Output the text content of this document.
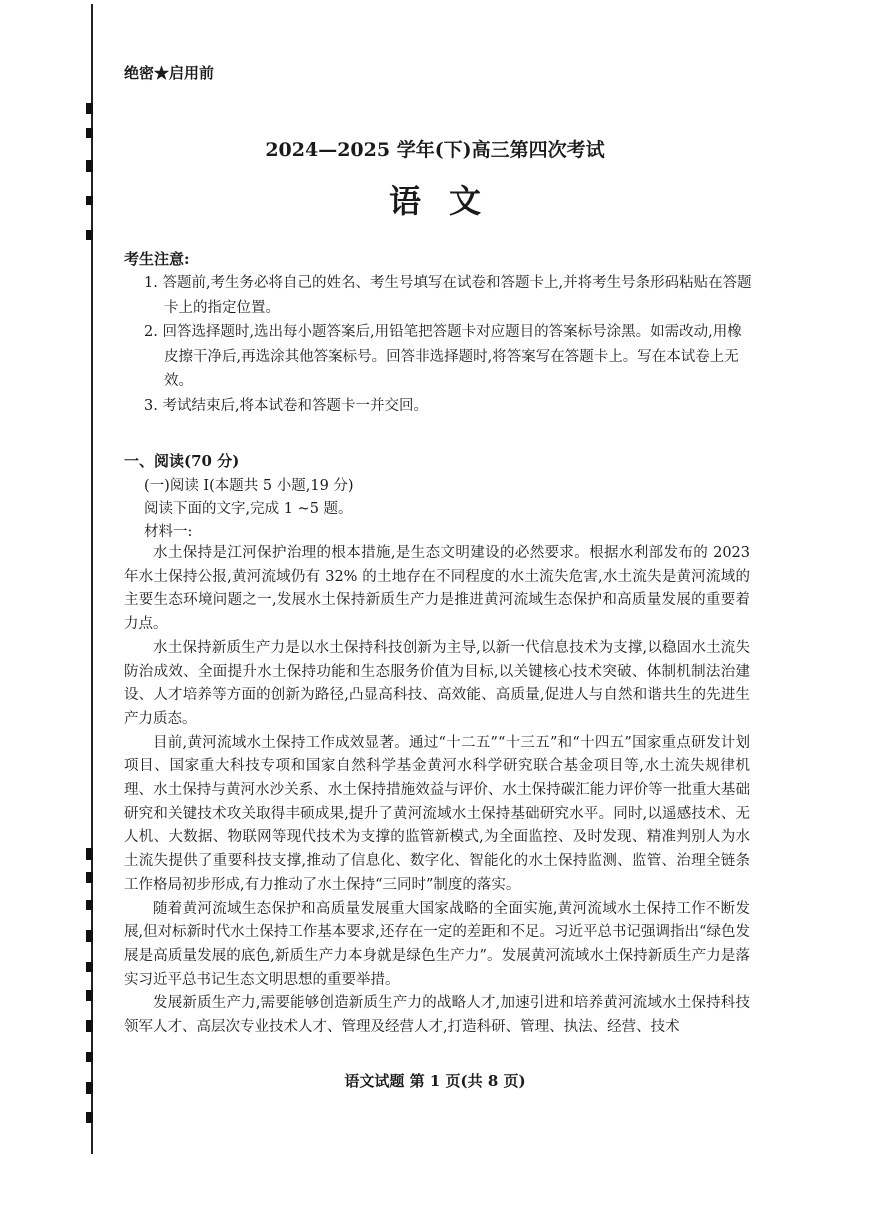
绝密★启用前
2024—2025 学年(下)高三第四次考试
语文
考生注意:
1. 答题前,考生务必将自己的姓名、考生号填写在试卷和答题卡上,并将考生号条形码粘贴在答题卡上的指定位置。
2. 回答选择题时,选出每小题答案后,用铅笔把答题卡对应题目的答案标号涂黑。如需改动,用橡皮擦干净后,再选涂其他答案标号。回答非选择题时,将答案写在答题卡上。写在本试卷上无效。
3. 考试结束后,将本试卷和答题卡一并交回。
一、阅读(70 分)
(一)阅读 I(本题共 5 小题,19 分)
阅读下面的文字,完成 1 ~5 题。
材料一:

水土保持是江河保护治理的根本措施,是生态文明建设的必然要求。根据水利部发布的 2023 年水土保持公报,黄河流域仍有 32% 的土地存在不同程度的水土流失危害,水土流失是黄河流域的主要生态环境问题之一,发展水土保持新质生产力是推进黄河流域生态保护和高质量发展的重要着力点。

水土保持新质生产力是以水土保持科技创新为主导,以新一代信息技术为支撑,以稳固水土流失防治成效、全面提升水土保持功能和生态服务价值为目标,以关键核心技术突破、体制机制法治建设、人才培养等方面的创新为路径,凸显高科技、高效能、高质量,促进人与自然和谐共生的先进生产力质态。

目前,黄河流域水土保持工作成效显著。通过“十二五”“十三五”和“十四五”国家重点研发计划项目、国家重大科技专项和国家自然科学基金黄河水科学研究联合基金项目等,水土流失规律机理、水土保持与黄河水沙关系、水土保持措施效益与评价、水土保持碳汇能力评价等一批重大基础研究和关键技术攻关取得丰硕成果,提升了黄河流域水土保持基础研究水平。同时,以遥感技术、无人机、大数据、物联网等现代技术为支撑的监管新模式,为全面监控、及时发现、精准判别人为水土流失提供了重要科技支撑,推动了信息化、数字化、智能化的水土保持监测、监管、治理全链条工作格局初步形成,有力推动了水土保持“三同时”制度的落实。

随着黄河流域生态保护和高质量发展重大国家战略的全面实施,黄河流域水土保持工作不断发展,但对标新时代水土保持工作基本要求,还存在一定的差距和不足。习近平总书记强调指出“绿色发展是高质量发展的底色,新质生产力本身就是绿色生产力”。发展黄河流域水土保持新质生产力是落实习近平总书记生态文明思想的重要举措。

发展新质生产力,需要能够创造新质生产力的战略人才,加速引进和培养黄河流域水土保持科技领军人才、高层次专业技术人才、管理及经营人才,打造科研、管理、执法、经营、技术

语文试题 第 1 页(共 8 页)
